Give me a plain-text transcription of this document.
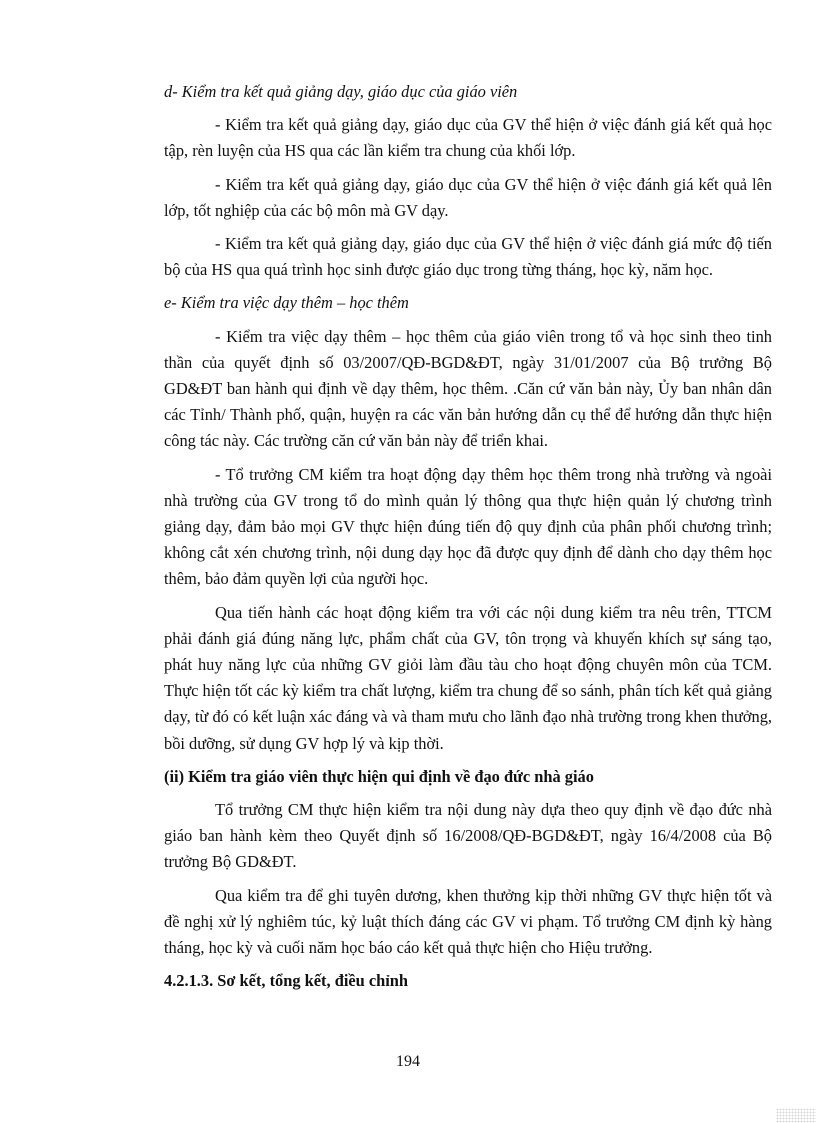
d- Kiểm tra kết quả giảng dạy, giáo dục của giáo viên

- Kiểm tra kết quả giảng dạy, giáo dục của GV thể hiện ở việc đánh giá kết quả học tập, rèn luyện của HS qua các lần kiểm tra chung của khối lớp.

- Kiểm tra kết quả giảng dạy, giáo dục của GV thể hiện ở việc đánh giá kết quả lên lớp, tốt nghiệp của các bộ môn mà GV dạy.

- Kiểm tra kết quả giảng dạy, giáo dục của GV thể hiện ở việc đánh giá mức độ tiến bộ của HS qua quá trình học sinh được giáo dục trong từng tháng, học kỳ, năm học.

e- Kiểm tra việc dạy thêm – học thêm

- Kiểm tra việc dạy thêm – học thêm của giáo viên trong tổ và học sinh theo tinh thần của quyết định số 03/2007/QĐ-BGD&ĐT, ngày 31/01/2007 của Bộ trưởng Bộ GD&ĐT ban hành qui định về dạy thêm, học thêm. .Căn cứ văn bản này, Ủy ban nhân dân các Tỉnh/ Thành phố, quận, huyện ra các văn bản hướng dẫn cụ thể để hướng dẫn thực hiện công tác này. Các trường căn cứ văn bản này để triển khai.

- Tổ trưởng CM kiểm tra hoạt động dạy thêm học thêm trong nhà trường và ngoài nhà trường của GV trong tổ do mình quản lý thông qua thực hiện quản lý chương trình giảng dạy, đảm bảo mọi GV thực hiện đúng tiến độ quy định của phân phối chương trình; không cắt xén chương trình, nội dung dạy học đã được quy định để dành cho dạy thêm học thêm, bảo đảm quyền lợi của người học.

Qua tiến hành các hoạt động kiểm tra với các nội dung kiểm tra nêu trên, TTCM phải đánh giá đúng năng lực, phẩm chất của GV, tôn trọng và khuyến khích sự sáng tạo, phát huy năng lực của những GV giỏi làm đầu tàu cho hoạt động chuyên môn của TCM. Thực hiện tốt các kỳ kiểm tra chất lượng, kiểm tra chung để so sánh, phân tích kết quả giảng dạy, từ đó có kết luận xác đáng và và tham mưu cho lãnh đạo nhà trường trong khen thưởng, bồi dưỡng, sử dụng GV hợp lý và kịp thời.

(ii) Kiểm tra giáo viên thực hiện qui định về đạo đức nhà giáo

Tổ trưởng CM thực hiện kiểm tra nội dung này dựa theo quy định về đạo đức nhà giáo ban hành kèm theo Quyết định số 16/2008/QĐ-BGD&ĐT, ngày 16/4/2008 của Bộ trưởng Bộ GD&ĐT.

Qua kiểm tra để ghi tuyên dương, khen thưởng kịp thời những GV thực hiện tốt và đề nghị xử lý nghiêm túc, kỷ luật thích đáng các GV vi phạm. Tổ trưởng CM định kỳ hàng tháng, học kỳ và cuối năm học báo cáo kết quả thực hiện cho Hiệu trưởng.

4.2.1.3. Sơ kết, tổng kết, điều chỉnh

194
